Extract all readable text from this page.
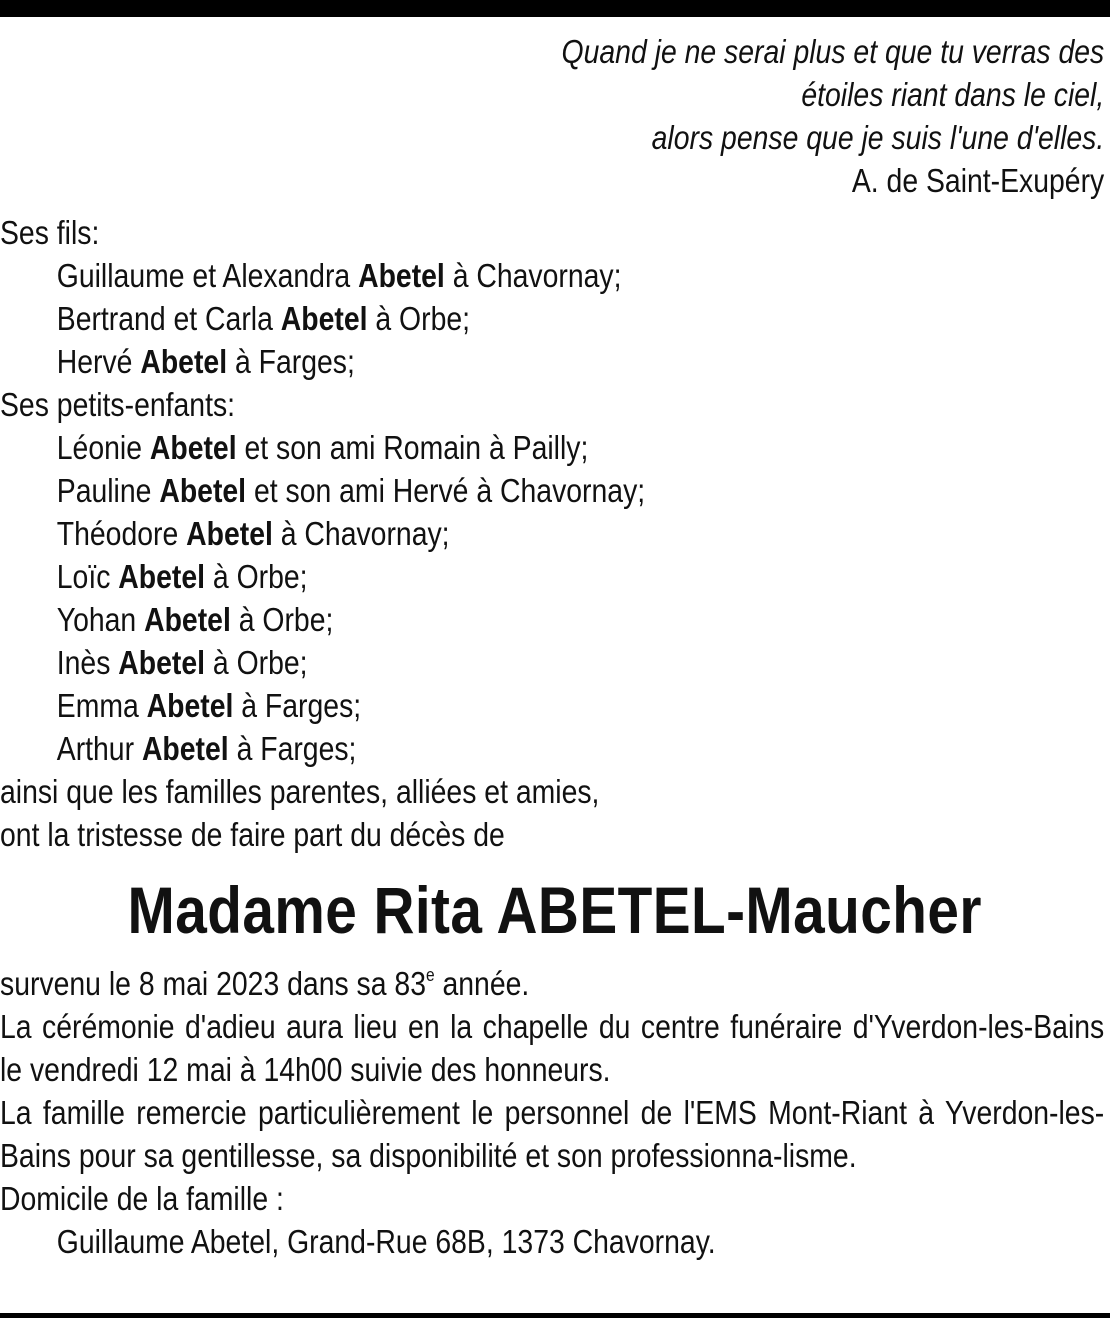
Quand je ne serai plus et que tu verras des
étoiles riant dans le ciel,
alors pense que je suis l'une d'elles.
A. de Saint-Exupéry
Ses fils:
Guillaume et Alexandra Abetel à Chavornay;
Bertrand et Carla Abetel à Orbe;
Hervé Abetel à Farges;
Ses petits-enfants:
Léonie Abetel et son ami Romain à Pailly;
Pauline Abetel et son ami Hervé à Chavornay;
Théodore Abetel à Chavornay;
Loïc Abetel à Orbe;
Yohan Abetel à Orbe;
Inès Abetel à Orbe;
Emma Abetel à Farges;
Arthur Abetel à Farges;
ainsi que les familles parentes, alliées et amies,
ont la tristesse de faire part du décès de
Madame Rita ABETEL-Maucher
survenu le 8 mai 2023 dans sa 83e année.
La cérémonie d'adieu aura lieu en la chapelle du centre funéraire d'Yverdon-les-Bains le vendredi 12 mai à 14h00 suivie des honneurs.
La famille remercie particulièrement le personnel de l'EMS Mont-Riant à Yverdon-les-Bains pour sa gentillesse, sa disponibilité et son professionna-lisme.
Domicile de la famille :
Guillaume Abetel, Grand-Rue 68B, 1373 Chavornay.
